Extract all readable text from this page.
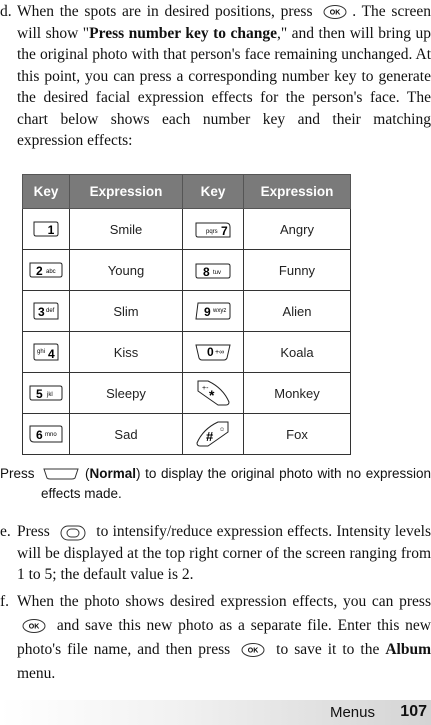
d. When the spots are in desired positions, press	OK . The screen will show "Press number key to change," and then will bring up the original photo with that person's face remaining unchanged. At this point, you can press a corresponding number key to generate the desired facial expression effects for the person's face. The chart below shows each number key and their matching expression effects:
Key	Expression	Key	Expression

1	Smile	pqrs 7	Angry

2 abc	Young	8 tuv	Funny

3 def	Slim	9 wxyz	Alien

ghi 4	Kiss	0 +∞	Koala

5 jkl	Sleepy	+- *	Monkey

6 mno	Sad	# ☺	Fox
Press	(Normal) to display the original photo with no expression effects made.
e. Press	to intensify/reduce expression effects. Intensity levels will be displayed at the top right corner of the screen ranging from 1 to 5; the default value is 2.
f. When the photo shows desired expression effects, you can press
OK and save this new photo as a separate file. Enter this new photo's file name, and then press	OK to save it to the Album menu.
Menus 107
